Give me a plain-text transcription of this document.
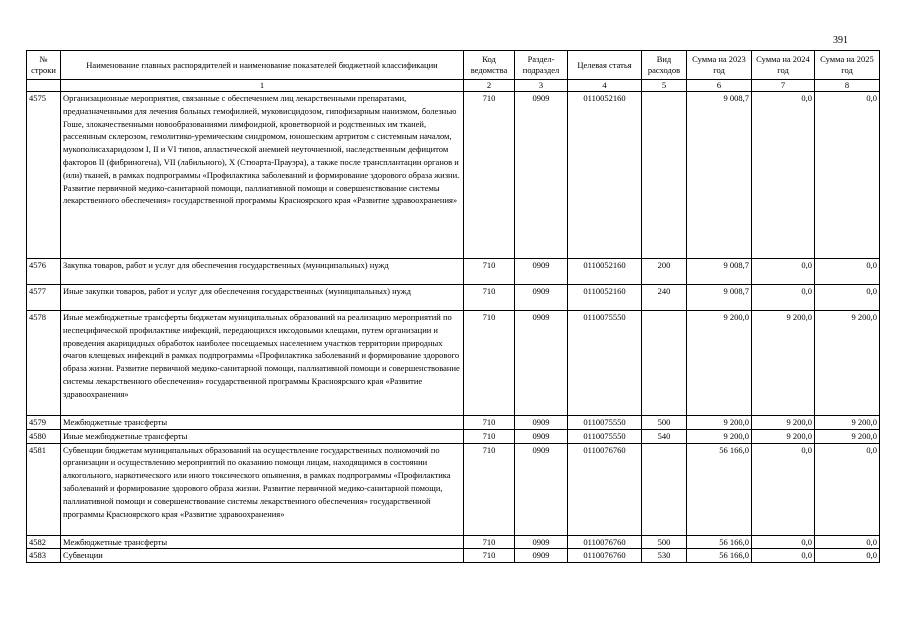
391
№ строки	Наименование главных распорядителей и наименование показателей бюджетной классификации	Код ведомства	Раздел-подраздел	Целевая статья	Вид расходов	Сумма на 2023 год	Сумма на 2024 год	Сумма на 2025 год
	1	2	3	4	5	6	7	8
4575	Организационные мероприятия, связанные с обеспечением лиц лекарственными препаратами, предназначенными для лечения больных гемофилией, муковисцидозом, гипофизарным нанизмом, болезнью Гоше, злокачественными новообразованиями лимфоидной, кроветворной и родственных им тканей, рассеянным склерозом, гемолитико-уремическим синдромом, юношеским артритом с системным началом, мукополисахаридозом I, II и VI типов, апластической анемией неуточненной, наследственным дефицитом факторов II (фибриногена), VII (лабильного), X (Стюарта-Прауэра), а также после трансплантации органов и (или) тканей, в рамках подпрограммы «Профилактика заболеваний и формирование здорового образа жизни. Развитие первичной медико-санитарной помощи, паллиативной помощи и совершенствование системы лекарственного обеспечения» государственной программы Красноярского края «Развитие здравоохранения»	710	0909	0110052160		9 008,7	0,0	0,0
4576	Закупка товаров, работ и услуг для обеспечения государственных (муниципальных) нужд	710	0909	0110052160	200	9 008,7	0,0	0,0
4577	Иные закупки товаров, работ и услуг для обеспечения государственных (муниципальных) нужд	710	0909	0110052160	240	9 008,7	0,0	0,0
4578	Иные межбюджетные трансферты бюджетам муниципальных образований на реализацию мероприятий по неспецифической профилактике инфекций, передающихся иксодовыми клещами, путем организации и проведения акарицидных обработок наиболее посещаемых населением участков территории природных очагов клещевых инфекций в рамках подпрограммы «Профилактика заболеваний и формирование здорового образа жизни. Развитие первичной медико-санитарной помощи, паллиативной помощи и совершенствование системы лекарственного обеспечения» государственной программы Красноярского края «Развитие здравоохранения»	710	0909	0110075550		9 200,0	9 200,0	9 200,0
4579	Межбюджетные трансферты	710	0909	0110075550	500	9 200,0	9 200,0	9 200,0
4580	Иные межбюджетные трансферты	710	0909	0110075550	540	9 200,0	9 200,0	9 200,0
4581	Субвенции бюджетам муниципальных образований на осуществление государственных полномочий по организации и осуществлению мероприятий по оказанию помощи лицам, находящимся в состоянии алкогольного, наркотического или иного токсического опьянения, в рамках подпрограммы «Профилактика заболеваний и формирование здорового образа жизни. Развитие первичной медико-санитарной помощи, паллиативной помощи и совершенствование системы лекарственного обеспечения» государственной программы Красноярского края «Развитие здравоохранения»	710	0909	0110076760		56 166,0	0,0	0,0
4582	Межбюджетные трансферты	710	0909	0110076760	500	56 166,0	0,0	0,0
4583	Субвенции	710	0909	0110076760	530	56 166,0	0,0	0,0
